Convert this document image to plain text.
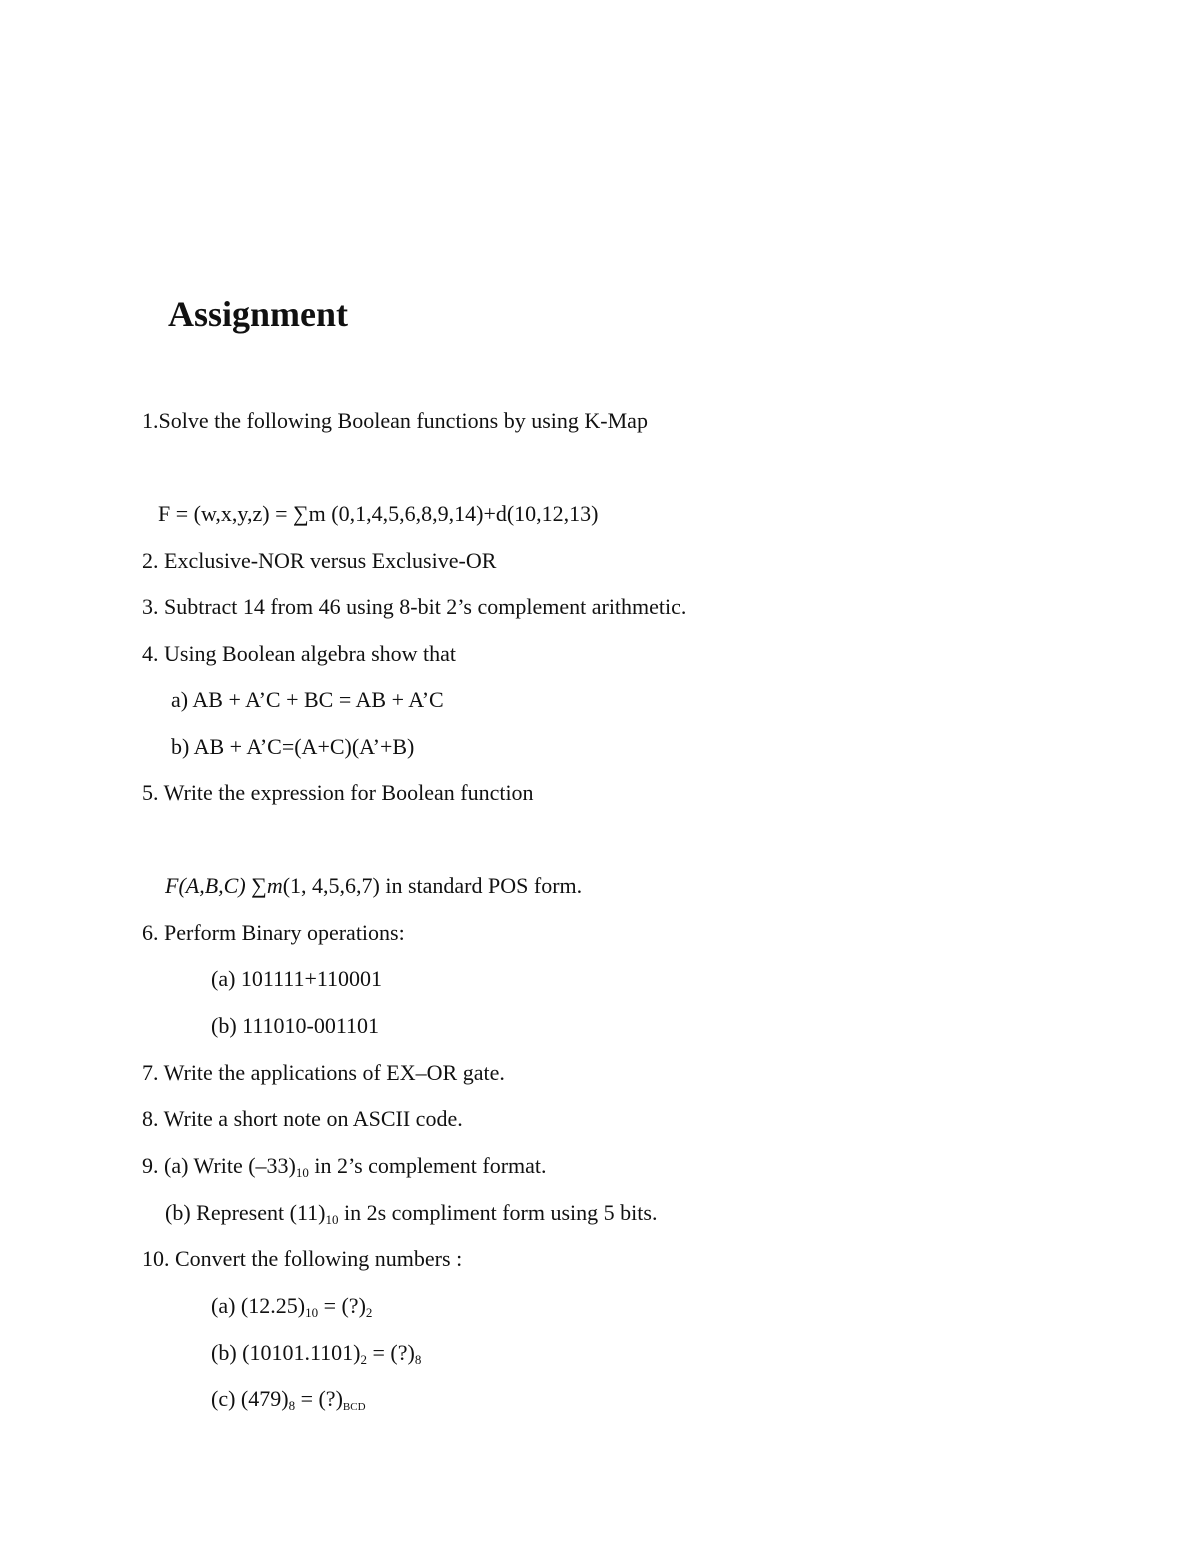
Assignment
1.Solve the following Boolean functions by using K-Map
F = (w,x,y,z) = ∑m (0,1,4,5,6,8,9,14)+d(10,12,13)
2. Exclusive-NOR versus Exclusive-OR
3. Subtract 14 from 46 using 8-bit 2’s complement arithmetic.
4. Using Boolean algebra show that
a) AB + A’C + BC = AB + A’C
b) AB + A’C=(A+C)(A’+B)
5. Write the expression for Boolean function
F(A,B,C) ∑m(1, 4,5,6,7) in standard POS form.
6. Perform Binary operations:
(a) 101111+110001
(b) 111010-001101
7. Write the applications of EX–OR gate.
8. Write a short note on ASCII code.
9. (a) Write $(-33)_{10}$ in 2’s complement format.
(b) Represent $(11)_{10}$ in 2s compliment form using 5 bits.
10. Convert the following numbers :
(a) $(12.25)_{10}$ = $(?)_2$
(b) $(10101.1101)_2$ = $(?)_8$
(c) $(479)_8$ = (?)BCD
